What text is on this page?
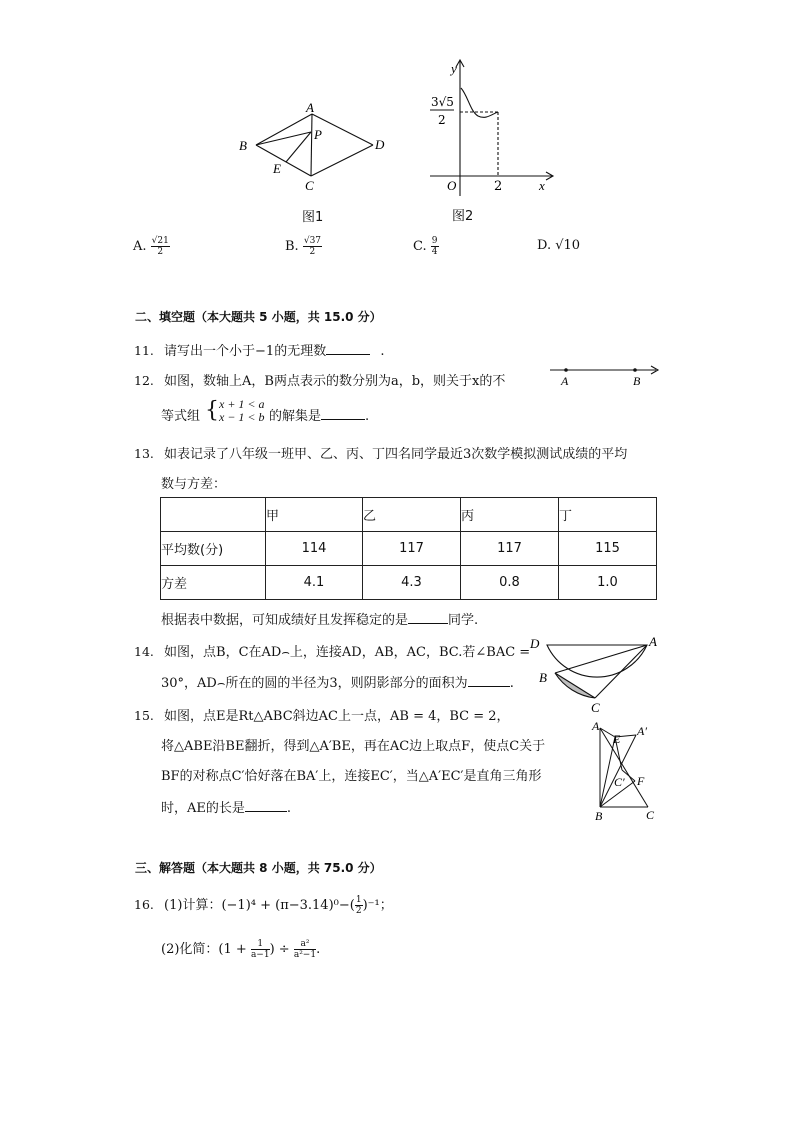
A
B
C
D
E
P
图1
y
x
O	2
3√5
2
图2
A. $\frac{√21}{2}$	B. $\frac{√37}{2}$	C. $\frac{9}{4}$	D. √10
二、填空题（本大题共 5 小题，共 15.0 分）
11. 请写出一个小于−1的无理数	.
12. 如图，数轴上A，B两点表示的数分别为a，b，则关于x的不	A	B
等式组 { x + 1 < a
x − 1 < b 的解集是	.
13. 如表记录了八年级一班甲、乙、丙、丁四名同学最近3次数学模拟测试成绩的平均
数与方差：
	甲	乙	丙	丁
平均数(分)	114	117	117	115
方差	4.1	4.3	0.8	1.0
根据表中数据，可知成绩好且发挥稳定的是	同学.
14. 如图，点B，C在AD⌢上，连接AD，AB，AC，BC.若∠BAC =
30°，AD⌢所在的圆的半径为3，则阴影部分的面积为	.
A
B
C
D
15. 如图，点E是Rt△ABC斜边AC上一点，AB = 4，BC = 2，
将△ABE沿BE翻折，得到△A′BE，再在AC边上取点F，使点C关于
BF的对称点C′恰好落在BA′上，连接EC′，当△A′EC′是直角三角形
时，AE的长是	.
A	A′
E
C′ F
B	C
三、解答题（本大题共 8 小题，共 75.0 分）
16. (1)计算：$(-1)^4 + (\pi-3.14)^0-( \frac{1}{2} )^{-1}$；
(2)化简：($1 + \frac{1}{a-1}$ ) ÷ $\frac{\text{a²}}{\text{a²−1}}$ .
